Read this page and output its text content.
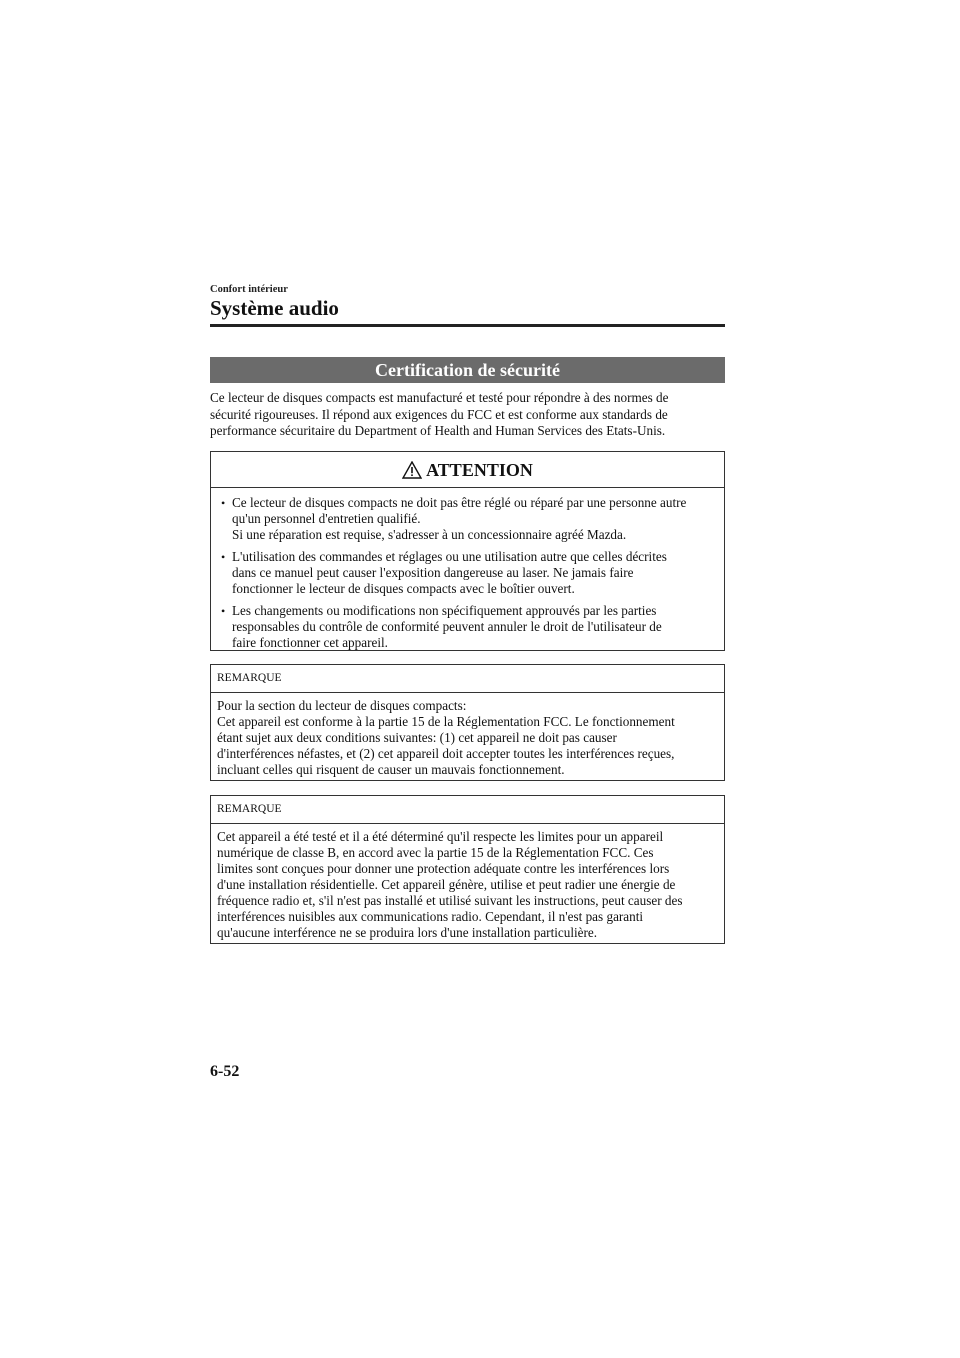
Confort intérieur
Système audio
Certification de sécurité

Ce lecteur de disques compacts est manufacturé et testé pour répondre à des normes de
sécurité rigoureuses. Il répond aux exigences du FCC et est conforme aux standards de
performance sécuritaire du Department of Health and Human Services des Etats-Unis.

ATTENTION
• Ce lecteur de disques compacts ne doit pas être réglé ou réparé par une personne autre
qu'un personnel d'entretien qualifié.
Si une réparation est requise, s'adresser à un concessionnaire agréé Mazda.
• L'utilisation des commandes et réglages ou une utilisation autre que celles décrites
dans ce manuel peut causer l'exposition dangereuse au laser. Ne jamais faire
fonctionner le lecteur de disques compacts avec le boîtier ouvert.
• Les changements ou modifications non spécifiquement approuvés par les parties
responsables du contrôle de conformité peuvent annuler le droit de l'utilisateur de
faire fonctionner cet appareil.
REMARQUE

Pour la section du lecteur de disques compacts:
Cet appareil est conforme à la partie 15 de la Réglementation FCC. Le fonctionnement
étant sujet aux deux conditions suivantes: (1) cet appareil ne doit pas causer
d'interférences néfastes, et (2) cet appareil doit accepter toutes les interférences reçues,
incluant celles qui risquent de causer un mauvais fonctionnement.

REMARQUE

Cet appareil a été testé et il a été déterminé qu'il respecte les limites pour un appareil
numérique de classe B, en accord avec la partie 15 de la Réglementation FCC. Ces
limites sont conçues pour donner une protection adéquate contre les interférences lors
d'une installation résidentielle. Cet appareil génère, utilise et peut radier une énergie de
fréquence radio et, s'il n'est pas installé et utilisé suivant les instructions, peut causer des
interférences nuisibles aux communications radio. Cependant, il n'est pas garanti
qu'aucune interférence ne se produira lors d'une installation particulière.

6-52
